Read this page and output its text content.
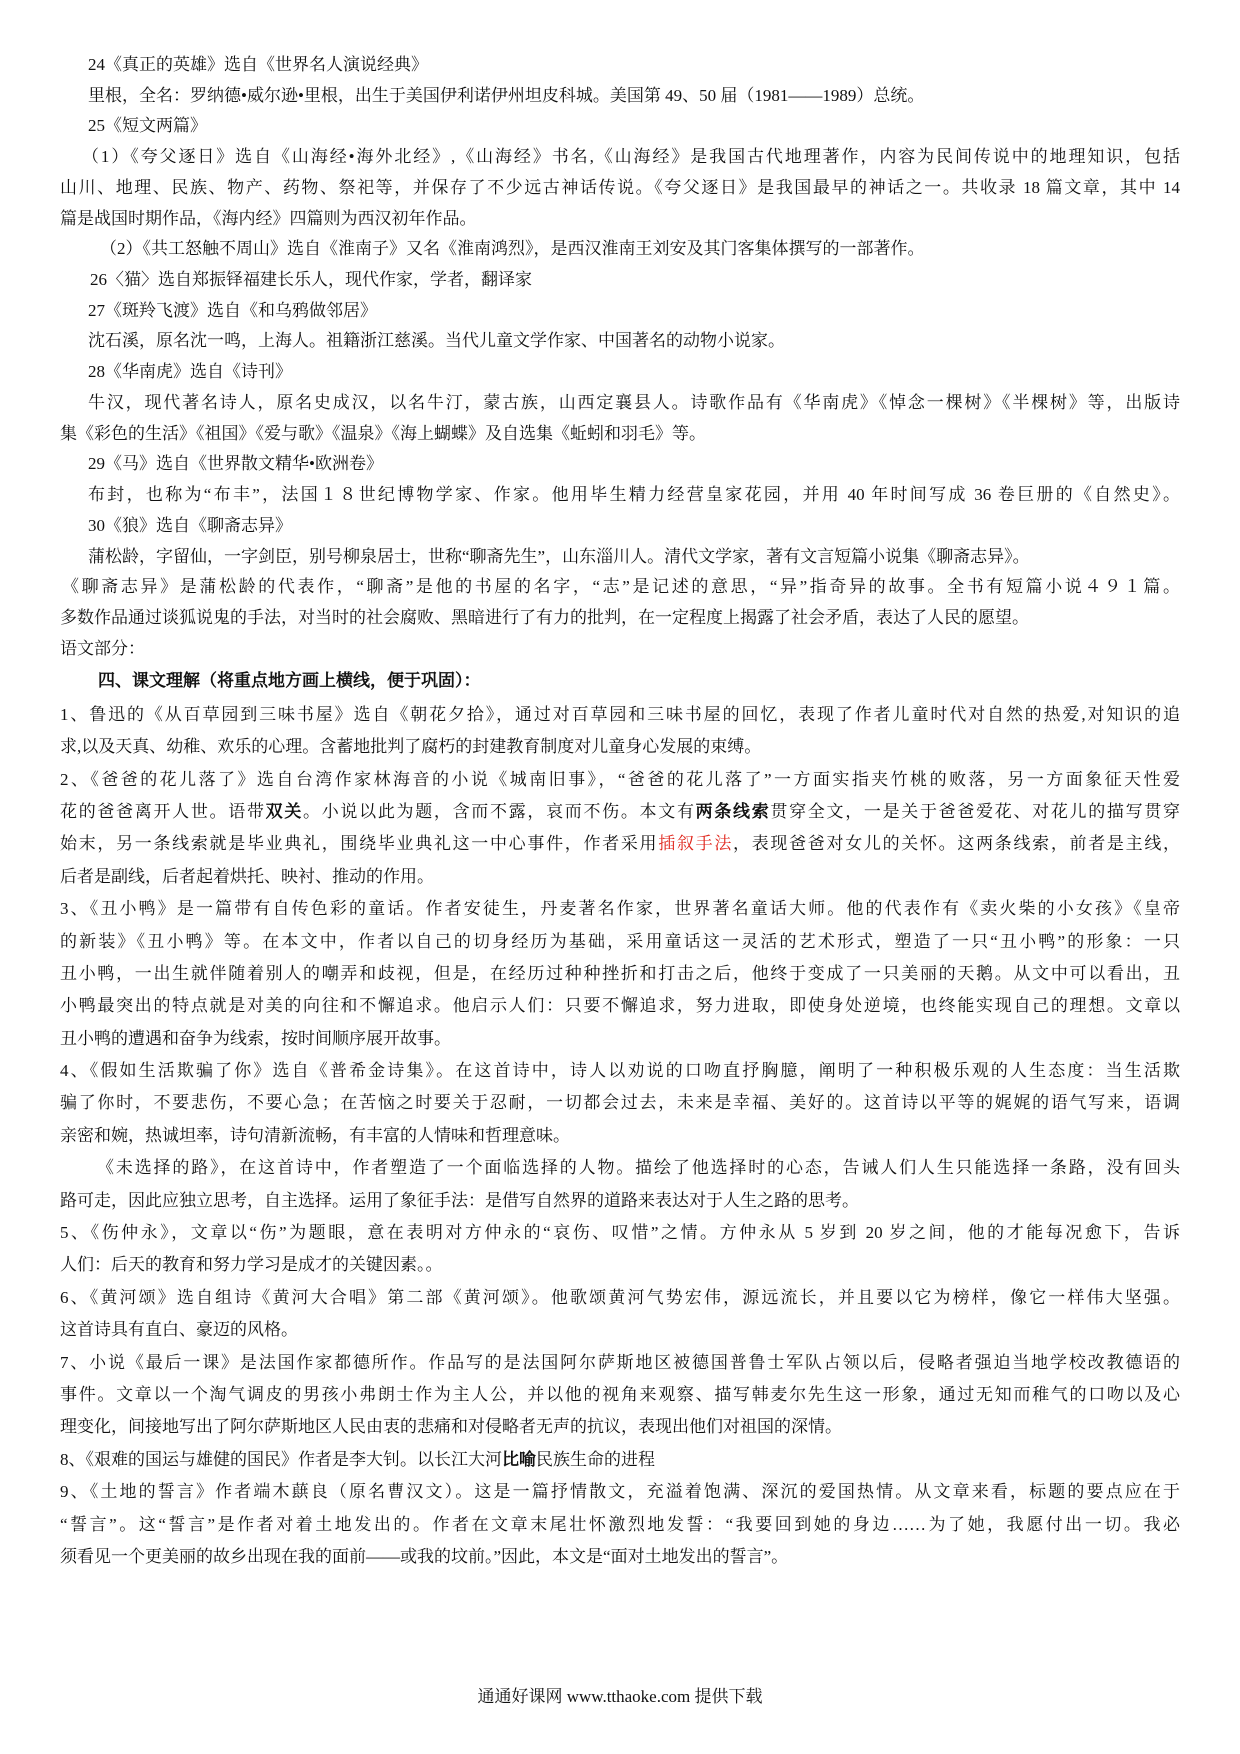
24《真正的英雄》选自《世界名人演说经典》
里根，全名：罗纳德•威尔逊•里根，出生于美国伊利诺伊州坦皮科城。美国第 49、50 届（1981——1989）总统。
25《短文两篇》
（1）《夸父逐日》选自《山海经•海外北经》,《山海经》书名,《山海经》是我国古代地理著作，内容为民间传说中的地理知识，包括
山川、地理、民族、物产、药物、祭祀等，并保存了不少远古神话传说。《夸父逐日》是我国最早的神话之一。共收录 18 篇文章，其中 14
篇是战国时期作品，《海内经》四篇则为西汉初年作品。
（2）《共工怒触不周山》选自《淮南子》又名《淮南鸿烈》，是西汉淮南王刘安及其门客集体撰写的一部著作。
26〈猫〉选自郑振铎福建长乐人，现代作家，学者，翻译家
27《斑羚飞渡》选自《和乌鸦做邻居》
沈石溪，原名沈一鸣，上海人。祖籍浙江慈溪。当代儿童文学作家、中国著名的动物小说家。
28《华南虎》选自《诗刊》
牛汉，现代著名诗人，原名史成汉，以名牛汀，蒙古族，山西定襄县人。诗歌作品有《华南虎》《悼念一棵树》《半棵树》等，出版诗
集《彩色的生活》《祖国》《爱与歌》《温泉》《海上蝴蝶》及自选集《蚯蚓和羽毛》等。
29《马》选自《世界散文精华•欧洲卷》
布封，也称为“布丰”，法国１８世纪博物学家、作家。他用毕生精力经营皇家花园，并用 40 年时间写成 36 卷巨册的《自然史》。
30《狼》选自《聊斋志异》
蒲松龄，字留仙，一字剑臣，别号柳泉居士，世称“聊斋先生”，山东淄川人。清代文学家，著有文言短篇小说集《聊斋志异》。
《聊斋志异》是蒲松龄的代表作，“聊斋”是他的书屋的名字，“志”是记述的意思，“异”指奇异的故事。全书有短篇小说４９１篇。
多数作品通过谈狐说鬼的手法，对当时的社会腐败、黑暗进行了有力的批判，在一定程度上揭露了社会矛盾，表达了人民的愿望。
语文部分：
四、课文理解（将重点地方画上横线，便于巩固）：
1、鲁迅的《从百草园到三味书屋》选自《朝花夕拾》，通过对百草园和三味书屋的回忆，表现了作者儿童时代对自然的热爱,对知识的追
求,以及天真、幼稚、欢乐的心理。含蓄地批判了腐朽的封建教育制度对儿童身心发展的束缚。
2、《爸爸的花儿落了》选自台湾作家林海音的小说《城南旧事》，“爸爸的花儿落了”一方面实指夹竹桃的败落，另一方面象征天性爱
花的爸爸离开人世。语带双关。小说以此为题，含而不露，哀而不伤。本文有两条线索贯穿全文，一是关于爸爸爱花、对花儿的描写贯穿
始末，另一条线索就是毕业典礼，围绕毕业典礼这一中心事件，作者采用插叙手法，表现爸爸对女儿的关怀。这两条线索，前者是主线，
后者是副线，后者起着烘托、映衬、推动的作用。
3、《丑小鸭》是一篇带有自传色彩的童话。作者安徒生，丹麦著名作家，世界著名童话大师。他的代表作有《卖火柴的小女孩》《皇帝
的新装》《丑小鸭》等。在本文中，作者以自己的切身经历为基础，采用童话这一灵活的艺术形式，塑造了一只“丑小鸭”的形象：一只
丑小鸭，一出生就伴随着别人的嘲弄和歧视，但是，在经历过种种挫折和打击之后，他终于变成了一只美丽的天鹅。从文中可以看出，丑
小鸭最突出的特点就是对美的向往和不懈追求。他启示人们：只要不懈追求，努力进取，即使身处逆境，也终能实现自己的理想。文章以
丑小鸭的遭遇和奋争为线索，按时间顺序展开故事。
4、《假如生活欺骗了你》选自《普希金诗集》。在这首诗中，诗人以劝说的口吻直抒胸臆，阐明了一种积极乐观的人生态度：当生活欺
骗了你时，不要悲伤，不要心急；在苦恼之时要关于忍耐，一切都会过去，未来是幸福、美好的。这首诗以平等的娓娓的语气写来，语调
亲密和婉，热诚坦率，诗句清新流畅，有丰富的人情味和哲理意味。
《未选择的路》，在这首诗中，作者塑造了一个面临选择的人物。描绘了他选择时的心态，告诫人们人生只能选择一条路，没有回头
路可走，因此应独立思考，自主选择。运用了象征手法：是借写自然界的道路来表达对于人生之路的思考。
5、《伤仲永》，文章以“伤”为题眼，意在表明对方仲永的“哀伤、叹惜”之情。方仲永从 5 岁到 20 岁之间，他的才能每况愈下，告诉
人们：后天的教育和努力学习是成才的关键因素。。
6、《黄河颂》选自组诗《黄河大合唱》第二部《黄河颂》。他歌颂黄河气势宏伟，源远流长，并且要以它为榜样，像它一样伟大坚强。
这首诗具有直白、豪迈的风格。
7、小说《最后一课》是法国作家都德所作。作品写的是法国阿尔萨斯地区被德国普鲁士军队占领以后，侵略者强迫当地学校改教德语的
事件。文章以一个淘气调皮的男孩小弗朗士作为主人公，并以他的视角来观察、描写韩麦尔先生这一形象，通过无知而稚气的口吻以及心
理变化，间接地写出了阿尔萨斯地区人民由衷的悲痛和对侵略者无声的抗议，表现出他们对祖国的深情。
8、《艰难的国运与雄健的国民》作者是李大钊。以长江大河比喻民族生命的进程
9、《土地的誓言》作者端木蕻良（原名曹汉文）。这是一篇抒情散文，充溢着饱满、深沉的爱国热情。从文章来看，标题的要点应在于
“誓言”。这“誓言”是作者对着土地发出的。作者在文章末尾壮怀激烈地发誓：“我要回到她的身边……为了她，我愿付出一切。我必
须看见一个更美丽的故乡出现在我的面前——或我的坟前。”因此，本文是“面对土地发出的誓言”。
通通好课网 www.tthaoke.com 提供下载
